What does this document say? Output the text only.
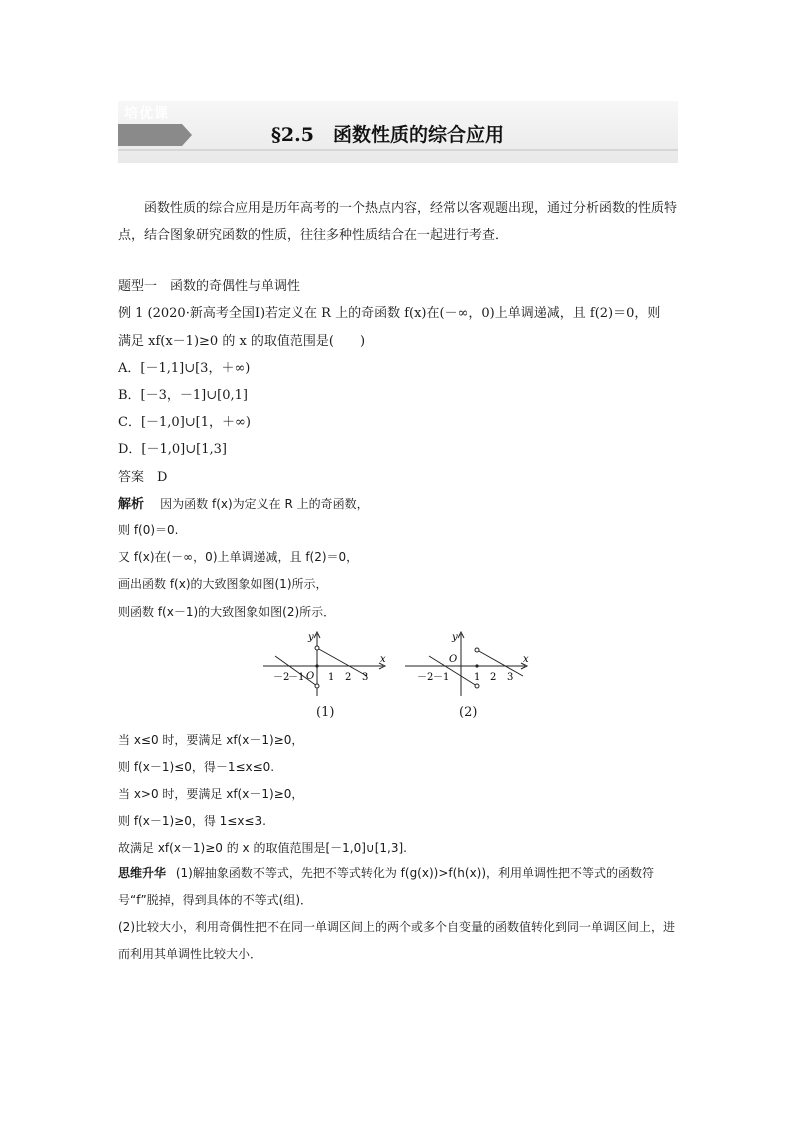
培优课
§2.5　函数性质的综合应用
函数性质的综合应用是历年高考的一个热点内容，经常以客观题出现，通过分析函数的性质特点，结合图象研究函数的性质，往往多种性质结合在一起进行考查．
题型一　函数的奇偶性与单调性
例 1 (2020·新高考全国Ⅰ)若定义在 R 上的奇函数 f(x)在(－∞，0)上单调递减，且 f(2)＝0，则
满足 xf(x－1)≥0 的 x 的取值范围是(　　)
A．[－1,1]∪[3，＋∞)
B．[－3，－1]∪[0,1]
C．[－1,0]∪[1，＋∞)
D．[－1,0]∪[1,3]
答案　D
解析 因为函数 f(x)为定义在 R 上的奇函数，
则 f(0)＝0.
又 f(x)在(－∞，0)上单调递减，且 f(2)＝0，
画出函数 f(x)的大致图象如图(1)所示，
则函数 f(x－1)的大致图象如图(2)所示．
y
x
O
－2
－1 1 2 3
y
x
O
－2 －1 1 2 3
(1)	(2)
当 x≤0 时，要满足 xf(x－1)≥0，
则 f(x－1)≤0，得－1≤x≤0.
当 x>0 时，要满足 xf(x－1)≥0，
则 f(x－1)≥0，得 1≤x≤3.
故满足 xf(x－1)≥0 的 x 的取值范围是[－1,0]∪[1,3].
思维升华 (1)解抽象函数不等式，先把不等式转化为 f(g(x))>f(h(x))，利用单调性把不等式的函数符号“f”脱掉，得到具体的不等式(组)．
(2)比较大小，利用奇偶性把不在同一单调区间上的两个或多个自变量的函数值转化到同一单调区间上，进而利用其单调性比较大小．
